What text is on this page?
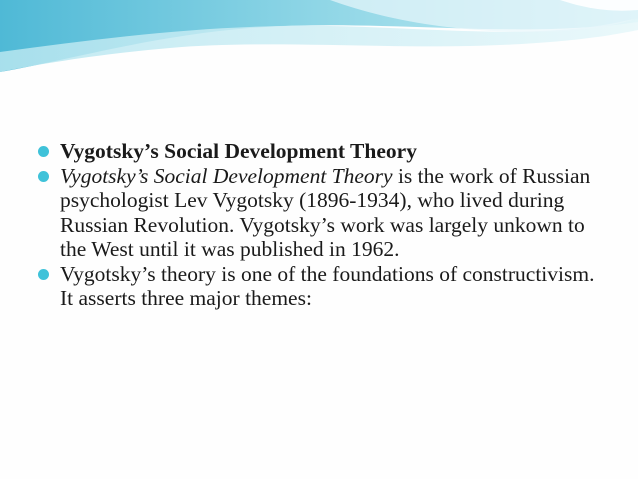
Vygotsky’s Social Development Theory
Vygotsky’s Social Development Theory is the work of Russian psychologist Lev Vygotsky (1896-1934), who lived during Russian Revolution. Vygotsky’s work was largely unkown to the West until it was published in 1962.
Vygotsky’s theory is one of the foundations of constructivism. It asserts three major themes:
